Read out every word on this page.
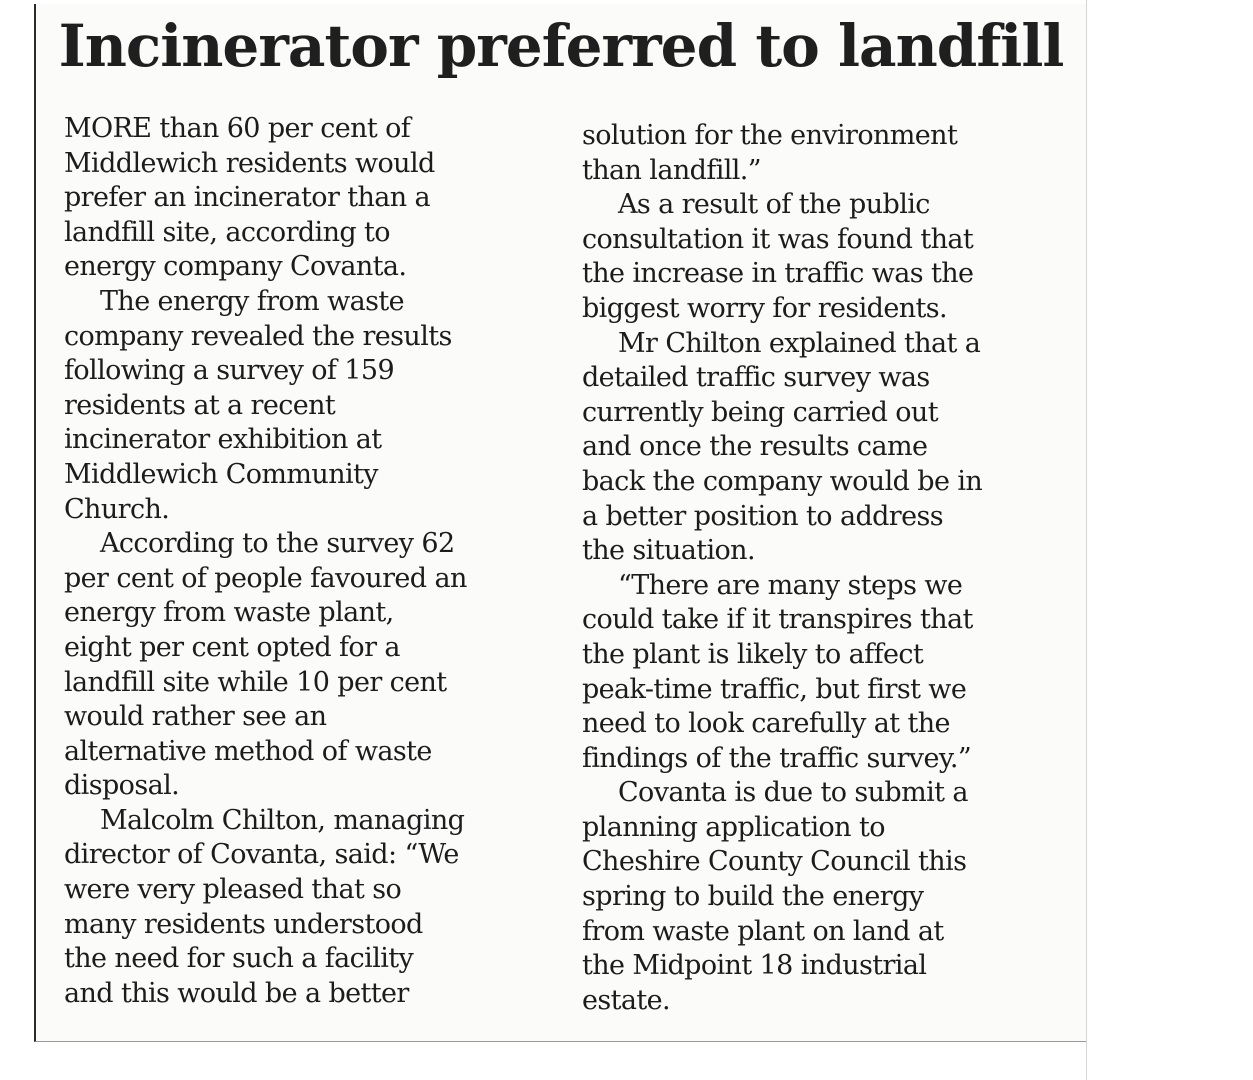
Incinerator preferred to landfill
MORE than 60 per cent of
Middlewich residents would
prefer an incinerator than a
landfill site, according to
energy company Covanta.
The energy from waste
company revealed the results
following a survey of 159
residents at a recent
incinerator exhibition at
Middlewich Community
Church.
According to the survey 62
per cent of people favoured an
energy from waste plant,
eight per cent opted for a
landfill site while 10 per cent
would rather see an
alternative method of waste
disposal.
Malcolm Chilton, managing
director of Covanta, said: “We
were very pleased that so
many residents understood
the need for such a facility
and this would be a better
solution for the environment
than landfill.”
As a result of the public
consultation it was found that
the increase in traffic was the
biggest worry for residents.
Mr Chilton explained that a
detailed traffic survey was
currently being carried out
and once the results came
back the company would be in
a better position to address
the situation.
“There are many steps we
could take if it transpires that
the plant is likely to affect
peak-time traffic, but first we
need to look carefully at the
findings of the traffic survey.”
Covanta is due to submit a
planning application to
Cheshire County Council this
spring to build the energy
from waste plant on land at
the Midpoint 18 industrial
estate.
